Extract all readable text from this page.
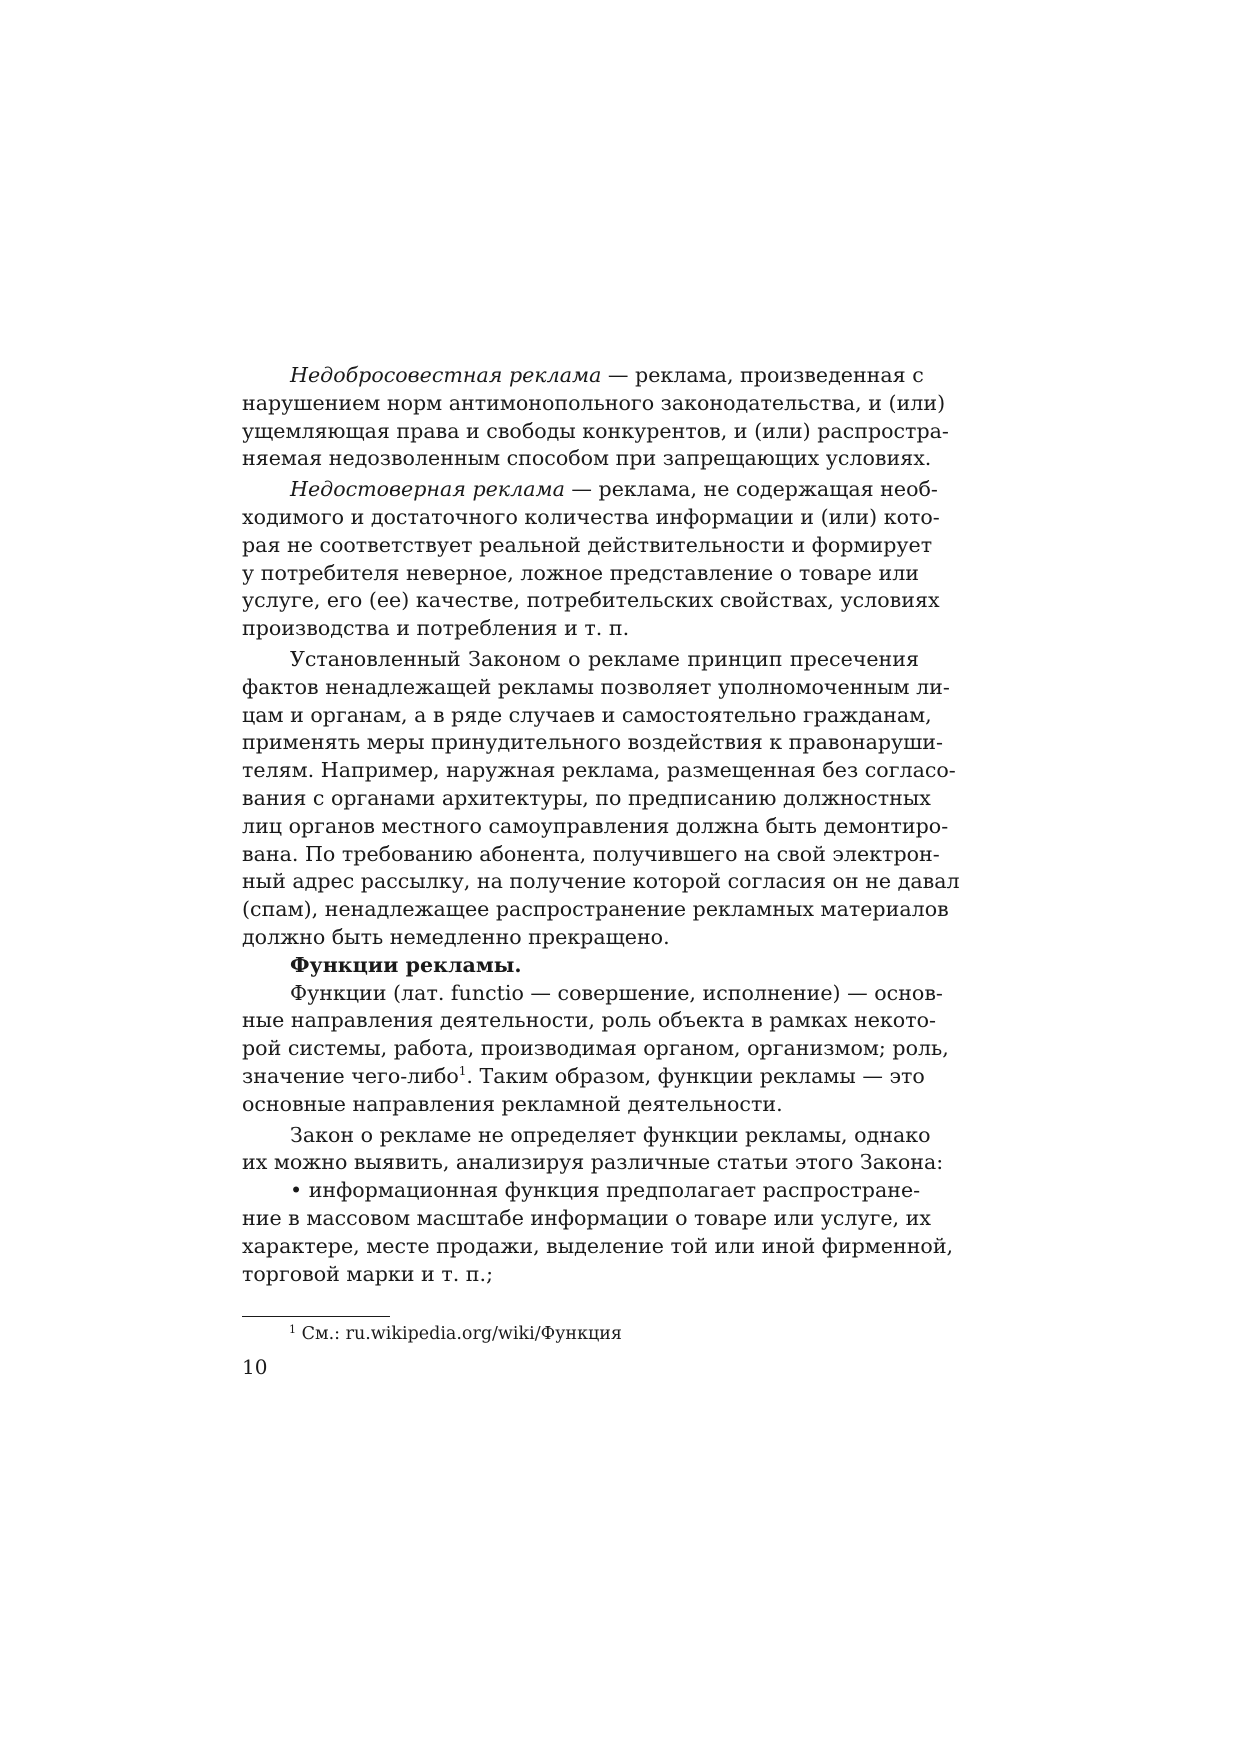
Недобросовестная реклама — реклама, произведенная с
нарушением норм антимонопольного законодательства, и (или)
ущемляющая права и свободы конкурентов, и (или) распростра-
няемая недозволенным способом при запрещающих условиях.
Недостоверная реклама — реклама, не содержащая необ-
ходимого и достаточного количества информации и (или) кото-
рая не соответствует реальной действительности и формирует
у потребителя неверное, ложное представление о товаре или
услуге, его (ее) качестве, потребительских свойствах, условиях
производства и потребления и т. п.
Установленный Законом о рекламе принцип пресечения
фактов ненадлежащей рекламы позволяет уполномоченным ли-
цам и органам, а в ряде случаев и самостоятельно гражданам,
применять меры принудительного воздействия к правонаруши-
телям. Например, наружная реклама, размещенная без согласо-
вания с органами архитектуры, по предписанию должностных
лиц органов местного самоуправления должна быть демонтиро-
вана. По требованию абонента, получившего на свой электрон-
ный адрес рассылку, на получение которой согласия он не давал
(спам), ненадлежащее распространение рекламных материалов
должно быть немедленно прекращено.
Функции рекламы.
Функции (лат. functio — совершение, исполнение) — основ-
ные направления деятельности, роль объекта в рамках некото-
рой системы, работа, производимая органом, организмом; роль,
значение чего-либо$^1$. Таким образом, функции рекламы — это
основные направления рекламной деятельности.
Закон о рекламе не определяет функции рекламы, однако
их можно выявить, анализируя различные статьи этого Закона:
• информационная функция предполагает распростране-
ние в массовом масштабе информации о товаре или услуге, их
характере, месте продажи, выделение той или иной фирменной,
торговой марки и т. п.;
$^1$ См.: ru.wikipedia.org/wiki/Функция
10
